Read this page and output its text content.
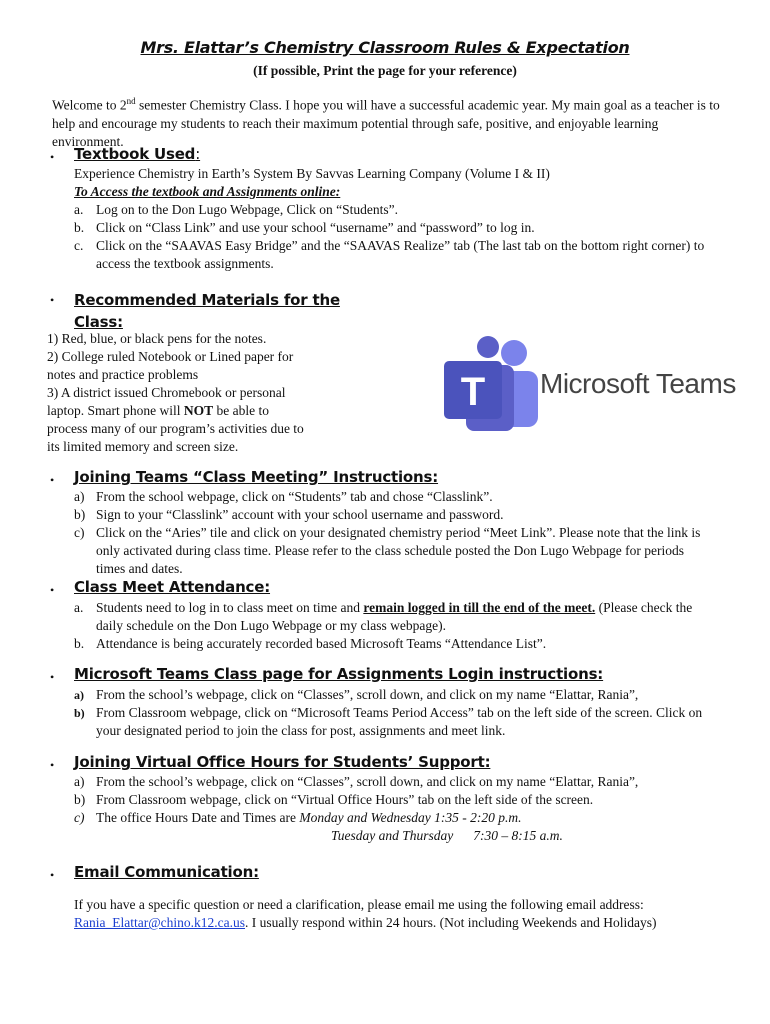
Mrs. Elattar’s Chemistry Classroom Rules & Expectation
(If possible, Print the page for your reference)
Welcome to 2nd semester Chemistry Class. I hope you will have a successful academic year. My main goal as a teacher is to help and encourage my students to reach their maximum potential through safe, positive, and enjoyable learning environment.
• Textbook Used:
Experience Chemistry in Earth’s System By Savvas Learning Company (Volume I & II)
To Access the textbook and Assignments online:
a. Log on to the Don Lugo Webpage, Click on “Students”.
b. Click on “Class Link” and use your school “username” and “password” to log in.
c. Click on the “SAAVAS Easy Bridge” and the “SAAVAS Realize” tab (The last tab on the bottom right corner) to access the textbook assignments.
• Recommended Materials for the
Class:
1) Red, blue, or black pens for the notes.
2) College ruled Notebook or Lined paper for
notes and practice problems
3) A district issued Chromebook or personal
laptop. Smart phone will NOT be able to
process many of our program’s activities due to
its limited memory and screen size.
T Microsoft Teams
• Joining Teams “Class Meeting” Instructions:
a) From the school webpage, click on “Students” tab and chose “Classlink”.
b) Sign to your “Classlink” account with your school username and password.
c) Click on the “Aries” tile and click on your designated chemistry period “Meet Link”. Please note that the link is only activated during class time. Please refer to the class schedule posted the Don Lugo Webpage for periods times and dates.
• Class Meet Attendance:
a. Students need to log in to class meet on time and remain logged in till the end of the meet. (Please check the daily schedule on the Don Lugo Webpage or my class webpage).
b. Attendance is being accurately recorded based Microsoft Teams “Attendance List”.
• Microsoft Teams Class page for Assignments Login instructions:
a) From the school’s webpage, click on “Classes”, scroll down, and click on my name “Elattar, Rania”,
b) From Classroom webpage, click on “Microsoft Teams Period Access” tab on the left side of the screen. Click on your designated period to join the class for post, assignments and meet link.
• Joining Virtual Office Hours for Students’ Support:
a) From the school’s webpage, click on “Classes”, scroll down, and click on my name “Elattar, Rania”,
b) From Classroom webpage, click on “Virtual Office Hours” tab on the left side of the screen.
c) The office Hours Date and Times are Monday and Wednesday 1:35 - 2:20 p.m.
Tuesday and Thursday 7:30 – 8:15 a.m.
• Email Communication:
If you have a specific question or need a clarification, please email me using the following email address: Rania_Elattar@chino.k12.ca.us. I usually respond within 24 hours. (Not including Weekends and Holidays)
